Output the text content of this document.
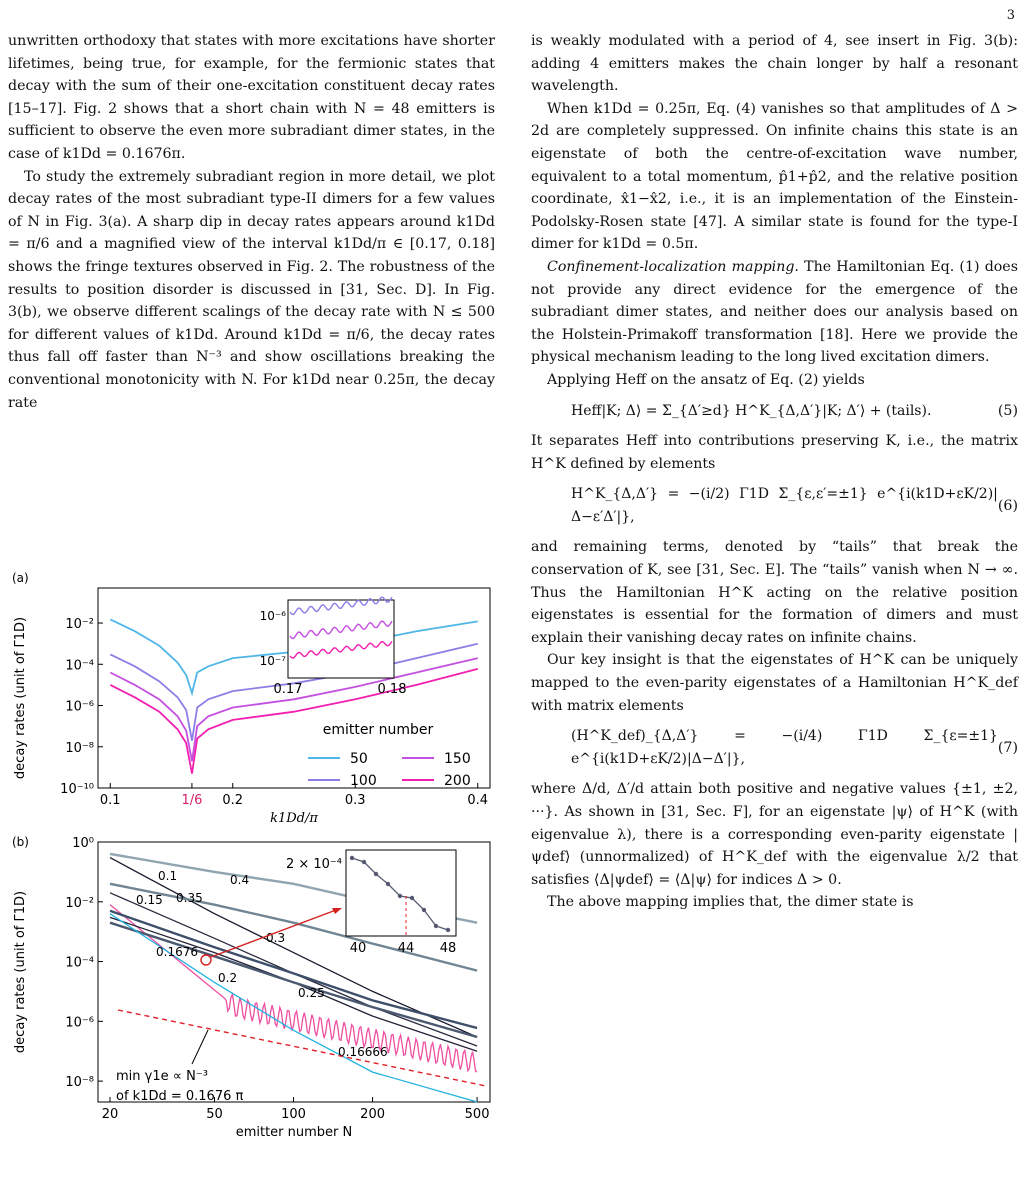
3

unwritten orthodoxy that states with more excitations have shorter lifetimes, being true, for example, for the fermionic states that decay with the sum of their one-excitation constituent decay rates [15–17]. Fig. 2 shows that a short chain with N = 48 emitters is sufficient to observe the even more subradiant dimer states, in the case of k1Dd = 0.1676π.

To study the extremely subradiant region in more detail, we plot decay rates of the most subradiant type-II dimers for a few values of N in Fig. 3(a). A sharp dip in decay rates appears around k1Dd = π/6 and a magnified view of the interval k1Dd/π ∈ [0.17, 0.18] shows the fringe textures observed in Fig. 2. The robustness of the results to position disorder is discussed in [31, Sec. D]. In Fig. 3(b), we observe different scalings of the decay rate with N ≤ 500 for different values of k1Dd. Around k1Dd = π/6, the decay rates thus fall off faster than N⁻³ and show oscillations breaking the conventional monotonicity with N. For k1Dd near 0.25π, the decay rate

is weakly modulated with a period of 4, see insert in Fig. 3(b): adding 4 emitters makes the chain longer by half a resonant wavelength.

When k1Dd = 0.25π, Eq. (4) vanishes so that amplitudes of Δ > 2d are completely suppressed. On infinite chains this state is an eigenstate of both the centre-of-excitation wave number, equivalent to a total momentum, p̂1+p̂2, and the relative position coordinate, x̂1−x̂2, i.e., it is an implementation of the Einstein-Podolsky-Rosen state [47]. A similar state is found for the type-I dimer for k1Dd = 0.5π.

Confinement-localization mapping. The Hamiltonian Eq. (1) does not provide any direct evidence for the emergence of the subradiant dimer states, and neither does our analysis based on the Holstein-Primakoff transformation [18]. Here we provide the physical mechanism leading to the long lived excitation dimers.

Applying Heff on the ansatz of Eq. (2) yields

Heff|K; Δ⟩ = Σ_{Δ′≥d} H^K_{Δ,Δ′}|K; Δ′⟩ + (tails).	(5)

It separates Heff into contributions preserving K, i.e., the matrix H^K defined by elements

H^K_{Δ,Δ′} = −(i/2) Γ1D Σ_{ε,ε′=±1} e^{i(k1D+εK/2)|Δ−ε′Δ′|},
(6)

and remaining terms, denoted by “tails” that break the conservation of K, see [31, Sec. E]. The “tails” vanish when N → ∞. Thus the Hamiltonian H^K acting on the relative position eigenstates is essential for the formation of dimers and must explain their vanishing decay rates on infinite chains.

Our key insight is that the eigenstates of H^K can be uniquely mapped to the even-parity eigenstates of a Hamiltonian H^K_def with matrix elements

(H^K_def)_{Δ,Δ′} = −(i/4) Γ1D Σ_{ε=±1} e^{i(k1D+εK/2)|Δ−Δ′|},
(7)

where Δ/d, Δ′/d attain both positive and negative values {±1, ±2, ···}. As shown in [31, Sec. F], for an eigenstate |ψ⟩ of H^K (with eigenvalue λ), there is a corresponding even-parity eigenstate |ψdef⟩ (unnormalized) of H^K_def with the eigenvalue λ/2 that satisfies ⟨Δ|ψdef⟩ = ⟨Δ|ψ⟩ for indices Δ > 0.

The above mapping implies that, the dimer state is

(a)
decay rates (unit of Γ1D)	10⁻²
10⁻⁴
10⁻⁶
10⁻⁸
10⁻¹⁰
0.1	1/6 0.2	0.3	0.4
10⁻⁶
10⁻⁷
0.17	0.18
emitter number
50
100
150
200
k1Dd/π
(b)
decay rates (unit of Γ1D)
10⁰
10⁻²
10⁻⁴
10⁻⁶
10⁻⁸
20	50	100	200	500
0.1	0.4
0.15 0.35
0.1676
0.3
0.2
0.25
0.16666
min γ1e ∝ N⁻³
of k1Dd = 0.1676 π
2 × 10⁻⁴
40 44 48
emitter number N
